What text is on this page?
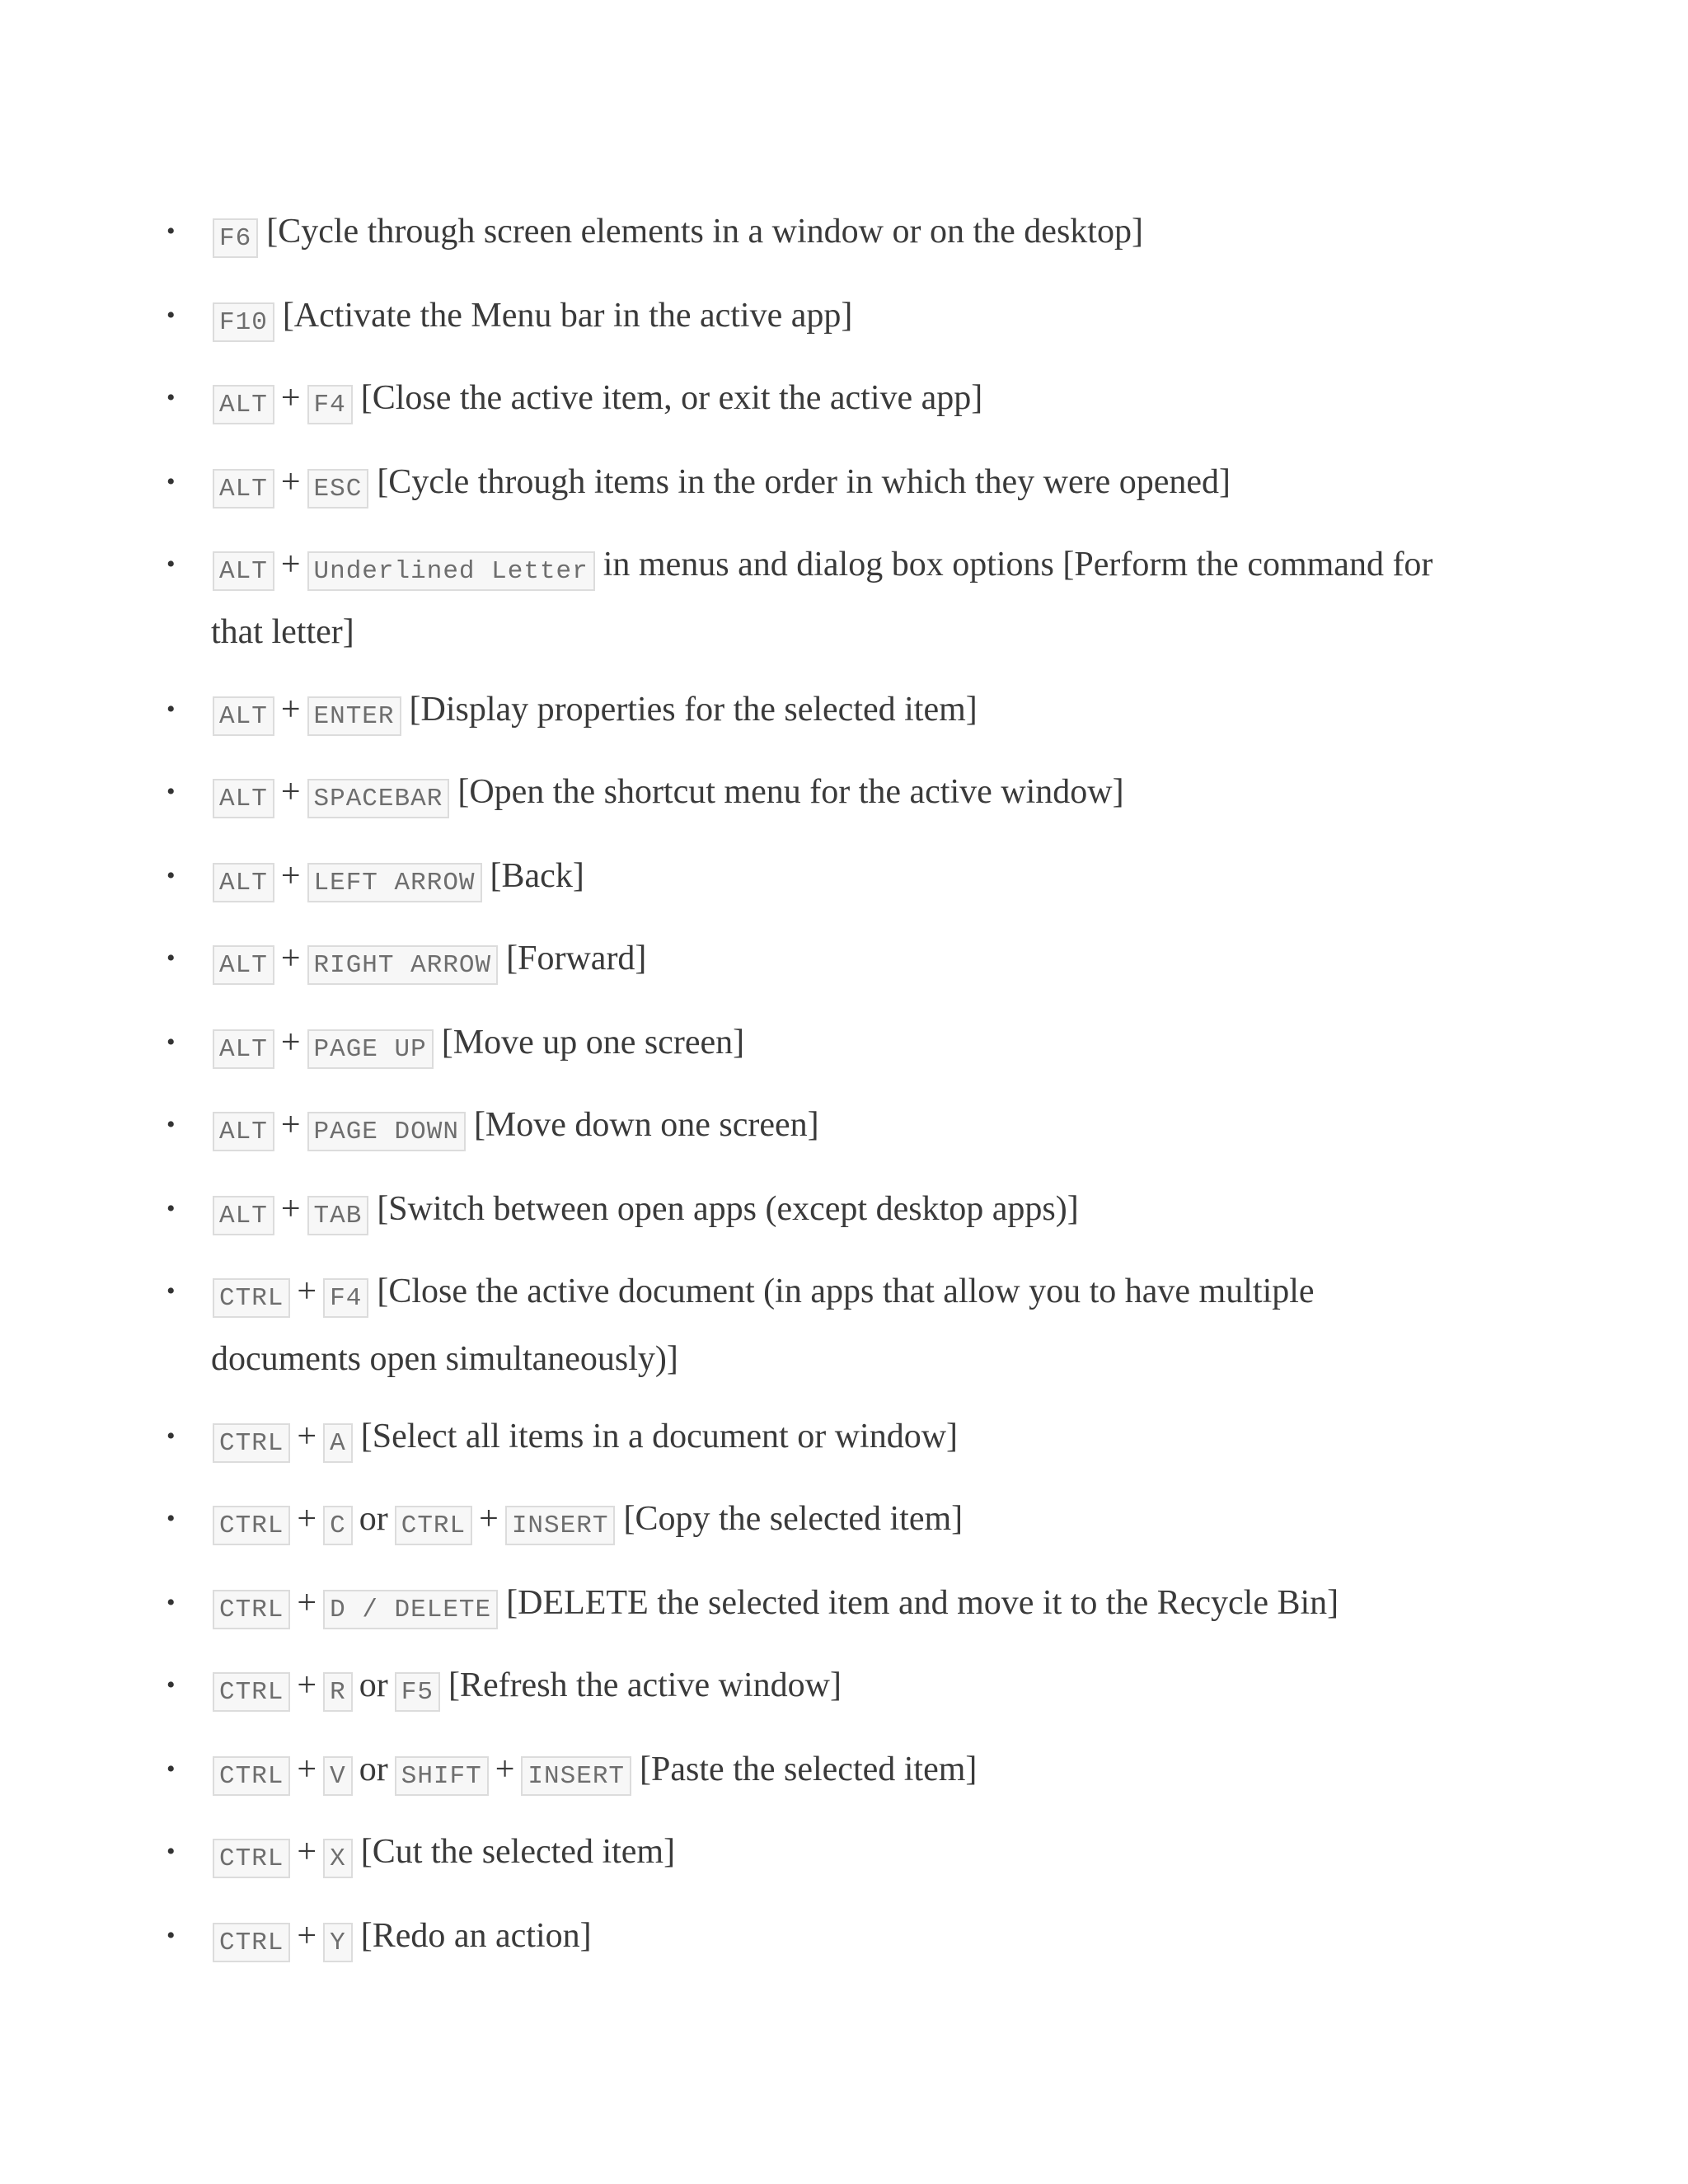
• F6 [Cycle through screen elements in a window or on the desktop]
• F10 [Activate the Menu bar in the active app]
• ALT + F4 [Close the active item, or exit the active app]
• ALT + ESC [Cycle through items in the order in which they were opened]
• ALT + Underlined Letter in menus and dialog box options [Perform the command for that letter]
• ALT + ENTER [Display properties for the selected item]
• ALT + SPACEBAR [Open the shortcut menu for the active window]
• ALT + LEFT ARROW [Back]
• ALT + RIGHT ARROW [Forward]
• ALT + PAGE UP [Move up one screen]
• ALT + PAGE DOWN [Move down one screen]
• ALT + TAB [Switch between open apps (except desktop apps)]
• CTRL + F4 [Close the active document (in apps that allow you to have multiple documents open simultaneously)]
• CTRL + A [Select all items in a document or window]
• CTRL + C or CTRL + INSERT [Copy the selected item]
• CTRL + D / DELETE [DELETE the selected item and move it to the Recycle Bin]
• CTRL + R or F5 [Refresh the active window]
• CTRL + V or SHIFT + INSERT [Paste the selected item]
• CTRL + X [Cut the selected item]
• CTRL + Y [Redo an action]
